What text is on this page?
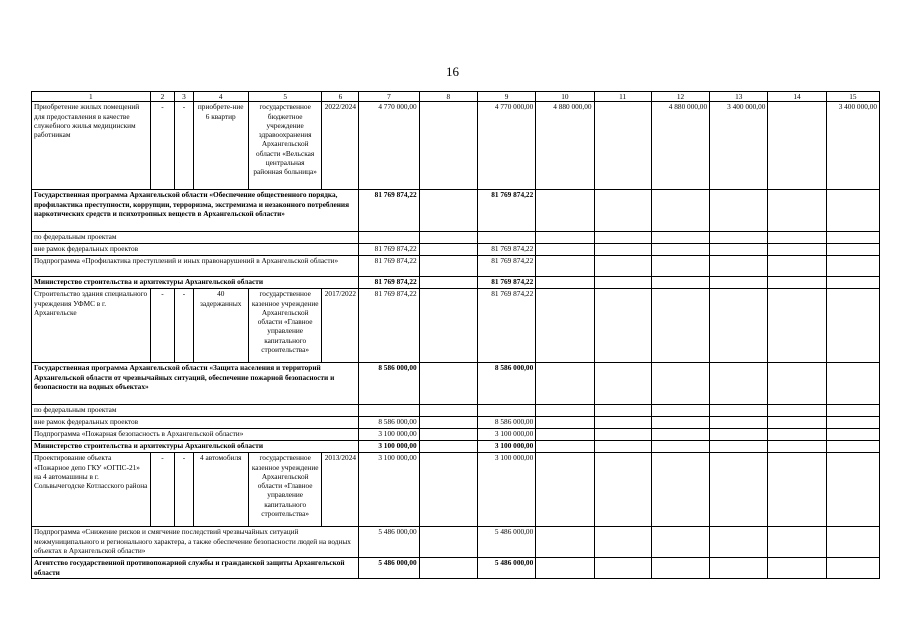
16
1	2	3	4	5	6	7	8	9	10	11	12	13	14	15
Приобретение жилых помещений для предоставления в качестве служебного жилья медицинским работникам	-	-	приобрете-ние 6 квартир	государственное бюджетное учреждение здравоохранения Архангельской области «Вельская центральная районная больница»	2022/2024	4 770 000,00		4 770 000,00	4 880 000,00		4 880 000,00	3 400 000,00		3 400 000,00
Государственная программа Архангельской области «Обеспечение общественного порядка, профилактика преступности, коррупции, терроризма, экстремизма и незаконного потребления наркотических средств и психотропных веществ в Архангельской области»						81 769 874,22		81 769 874,22						
по федеральным проектам														
вне рамок федеральных проектов						81 769 874,22		81 769 874,22						
Подпрограмма «Профилактика преступлений и иных правонарушений в Архангельской области»						81 769 874,22		81 769 874,22						
Министерство строительства и архитектуры Архангельской области						81 769 874,22		81 769 874,22						
Строительство здания специального учреждения УФМС в г. Архангельске	-	-	40 задержанных	государственное казенное учреждение Архангельской области «Главное управление капитального строительства»	2017/2022	81 769 874,22		81 769 874,22						
Государственная программа Архангельской области «Защита населения и территорий Архангельской области от чрезвычайных ситуаций, обеспечение пожарной безопасности и безопасности на водных объектах»						8 586 000,00		8 586 000,00						
по федеральным проектам														
вне рамок федеральных проектов						8 586 000,00		8 586 000,00						
Подпрограмма «Пожарная безопасность в Архангельской области»						3 100 000,00		3 100 000,00						
Министерство строительства и архитектуры Архангельской области						3 100 000,00		3 100 000,00						
Проектирование объекта «Пожарное депо ГКУ «ОГПС-21» на 4 автомашины в г. Сольвычегодске Котласского района	-	-	4 автомобиля	государственное казенное учреждение Архангельской области «Главное управление капитального строительства»	2013/2024	3 100 000,00		3 100 000,00						
Подпрограмма «Снижение рисков и смягчение последствий чрезвычайных ситуаций межмуниципального и регионального характера, а также обеспечение безопасности людей на водных объектах в Архангельской области»						5 486 000,00		5 486 000,00						
Агентство государственной противопожарной службы и гражданской защиты Архангельской области						5 486 000,00		5 486 000,00						
